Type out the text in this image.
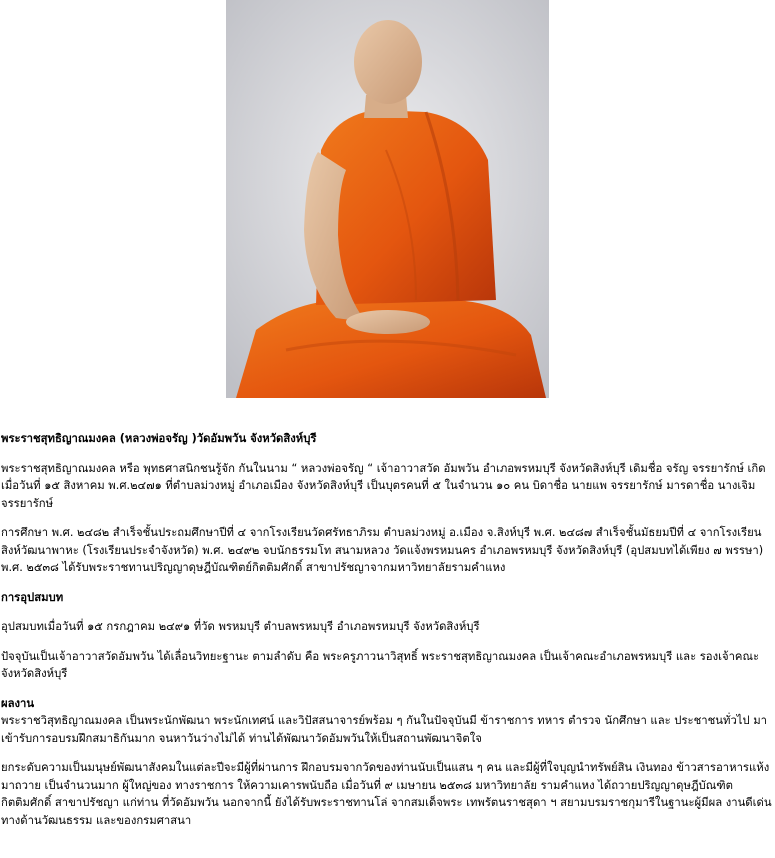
พระราชสุทธิญาณมงคล (หลวงพ่อจรัญ )วัดอัมพวัน จังหวัดสิงห์บุรี

พระราชสุทธิญาณมงคล หรือ พุทธศาสนิกชนรู้จัก กันในนาม “ หลวงพ่อจรัญ “ เจ้าอาวาสวัด อัมพวัน อำเภอพรหมบุรี จังหวัดสิงห์บุรี เดิมชื่อ จรัญ จรรยารักษ์ เกิดเมื่อวันที่ ๑๕ สิงหาคม พ.ศ.๒๔๗๑ ที่ตำบลม่วงหมู่ อำเภอเมือง จังหวัดสิงห์บุรี เป็นบุตรคนที่ ๕ ในจำนวน ๑๐ คน บิดาชื่อ นายแพ จรรยารักษ์ มารดาชื่อ นางเจิม จรรยารักษ์

การศึกษา พ.ศ. ๒๔๘๒ สำเร็จชั้นประถมศึกษาปีที่ ๔ จากโรงเรียนวัดศรัทธาภิรม ตำบลม่วงหมู่ อ.เมือง จ.สิงห์บุรี พ.ศ. ๒๔๘๗ สำเร็จชั้นมัธยมปีที่ ๔ จากโรงเรียนสิงห์วัฒนาพาหะ (โรงเรียนประจำจังหวัด) พ.ศ. ๒๔๙๒ จบนักธรรมโท สนามหลวง วัดแจ้งพรหมนคร อำเภอพรหมบุรี จังหวัดสิงห์บุรี (อุปสมบทได้เพียง ๗ พรรษา) พ.ศ. ๒๕๓๘ ได้รับพระราชทานปริญญาดุษฎีบัณฑิตย์กิตติมศักดิ์ สาขาปรัชญาจากมหาวิทยาลัยรามคำแหง

การอุปสมบท

อุปสมบทเมื่อวันที่ ๑๕ กรกฎาคม ๒๔๙๑ ที่วัด พรหมบุรี ตำบลพรหมบุรี อำเภอพรหมบุรี จังหวัดสิงห์บุรี

ปัจจุบันเป็นเจ้าอาวาสวัดอัมพวัน ได้เลื่อนวิทยะฐานะ ตามลำดับ คือ พระครูภาวนาวิสุทธิ์ พระราชสุทธิญาณมงคล เป็นเจ้าคณะอำเภอพรหมบุรี และ รองเจ้าคณะจังหวัดสิงห์บุรี

ผลงาน

พระราชวิสุทธิญาณมงคล เป็นพระนักพัฒนา พระนักเทศน์ และวิปัสสนาจารย์พร้อม ๆ กันในปัจจุบันมี ข้าราชการ ทหาร ตำรวจ นักศึกษา และ ประชาชนทั่วไป มาเข้ารับการอบรมฝึกสมาธิกันมาก จนหาวันว่างไม่ได้ ท่านได้พัฒนาวัดอัมพวันให้เป็นสถานพัฒนาจิตใจ

ยกระดับความเป็นมนุษย์พัฒนาสังคมในแต่ละปีจะมีผู้ที่ผ่านการ ฝึกอบรมจากวัดของท่านนับเป็นแสน ๆ คน และมีผู้ที่ใจบุญนำทรัพย์สิน เงินทอง ข้าวสารอาหารแห้งมาถวาย เป็นจำนวนมาก ผู้ใหญ่ของ ทางราชการ ให้ความเคารพนับถือ เมื่อวันที่ ๙ เมษายน ๒๕๓๘ มหาวิทยาลัย รามคำแหง ได้ถวายปริญญาดุษฎีบัณฑิตกิตติมศักดิ์ สาขาปรัชญา แก่ท่าน ที่วัดอัมพวัน นอกจากนี้ ยังได้รับพระราชทานโล่ จากสมเด็จพระ เทพรัตนราชสุดา ฯ สยามบรมราชกุมารีในฐานะผู้มีผล งานดีเด่น ทางด้านวัฒนธรรม และของกรมศาสนา
